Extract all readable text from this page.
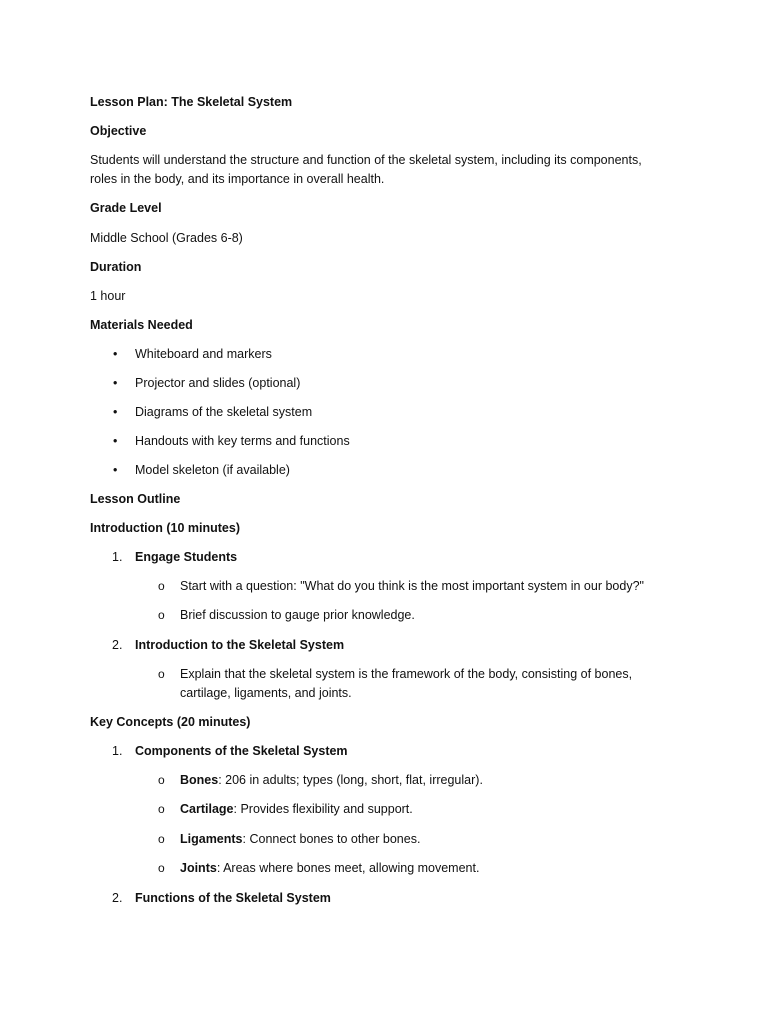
Lesson Plan: The Skeletal System
Objective
Students will understand the structure and function of the skeletal system, including its components,
roles in the body, and its importance in overall health.
Grade Level
Middle School (Grades 6-8)
Duration
1 hour
Materials Needed
• Whiteboard and markers
• Projector and slides (optional)
• Diagrams of the skeletal system
• Handouts with key terms and functions
• Model skeleton (if available)
Lesson Outline
Introduction (10 minutes)
1. Engage Students
o Start with a question: "What do you think is the most important system in our body?"
o Brief discussion to gauge prior knowledge.
2. Introduction to the Skeletal System
o Explain that the skeletal system is the framework of the body, consisting of bones,
cartilage, ligaments, and joints.
Key Concepts (20 minutes)
1. Components of the Skeletal System
o Bones: 206 in adults; types (long, short, flat, irregular).
o Cartilage: Provides flexibility and support.
o Ligaments: Connect bones to other bones.
o Joints: Areas where bones meet, allowing movement.
2. Functions of the Skeletal System
